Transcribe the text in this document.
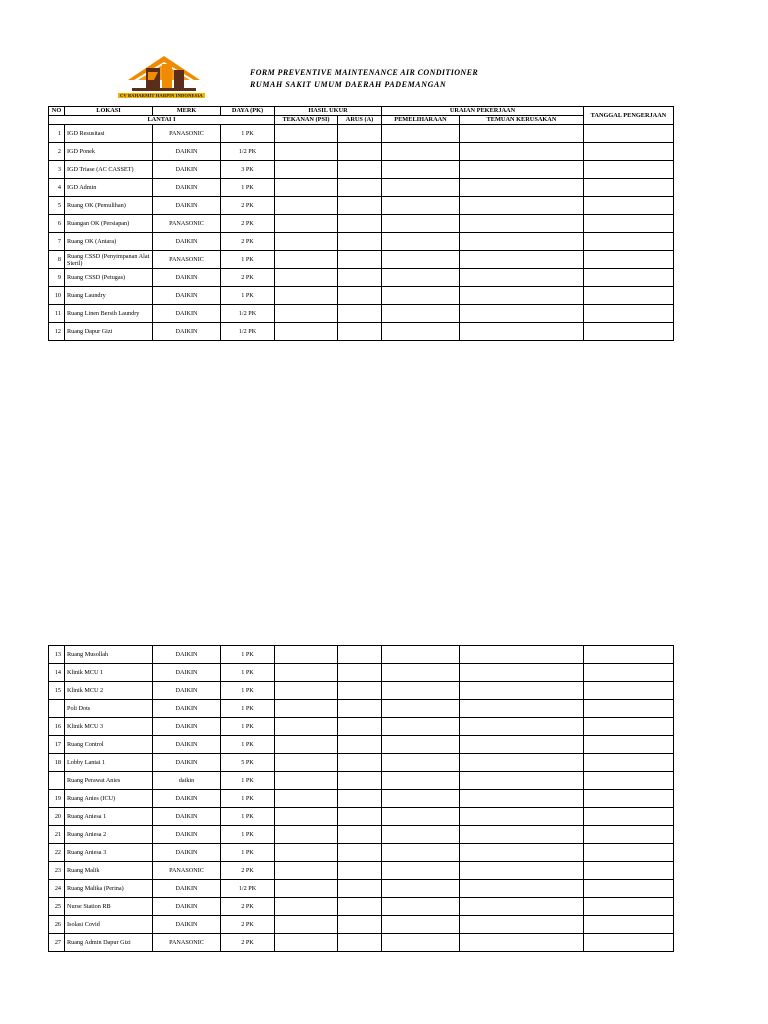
CV BAHARMIT HARPIN INDONESIA
FORM PREVENTIVE MAINTENANCE AIR CONDITIONER
RUMAH SAKIT UMUM DAERAH PADEMANGAN
NO	LOKASI	MERK	DAYA (PK)	HASIL UKUR		URAIAN PEKERJAAN		TANGGAL PENGERJAAN
LANTAI I				TEKANAN (PSI)	ARUS (A)	PEMELIHARAAN	TEMUAN KERUSAKAN	
1	IGD Resusitasi	PANASONIC	1 PK					
2	IGD Ponek	DAIKIN	1/2 PK					
3	IGD Triase (AC CASSET)	DAIKIN	3 PK					
4	IGD Admin	DAIKIN	1 PK					
5	Ruang OK (Pemulihan)	DAIKIN	2 PK					
6	Ruangan OK (Persiapan)	PANASONIC	2 PK					
7	Ruang OK (Antara)	DAIKIN	2 PK					
8	Ruang CSSD (Penyimpanan Alat Steril)	PANASONIC	1 PK					
9	Ruang CSSD (Petugas)	DAIKIN	2 PK					
10	Ruang Laundry	DAIKIN	1 PK					
11	Ruang Linen Bersih Laundry	DAIKIN	1/2 PK					
12	Ruang Dapur Gizi	DAIKIN	1/2 PK					
13	Ruang Musollah	DAIKIN	1 PK					
14	Klinik MCU 1	DAIKIN	1 PK					
15	Klinik MCU 2	DAIKIN	1 PK					
	Poli Dots	DAIKIN	1 PK					
16	Klinik MCU 3	DAIKIN	1 PK					
17	Ruang Control	DAIKIN	1 PK					
18	Lobby Lantai 1	DAIKIN	5 PK					
	Ruang Perawat Anies	daikin	1 PK					
19	Ruang Anies (ICU)	DAIKIN	1 PK					
20	Ruang Aniesa 1	DAIKIN	1 PK					
21	Ruang Aniesa 2	DAIKIN	1 PK					
22	Ruang Aniesa 3	DAIKIN	1 PK					
23	Ruang Malik	PANASONIC	2 PK					
24	Ruang Malika (Perina)	DAIKIN	1/2 PK					
25	Nurse Station RB	DAIKIN	2 PK					
26	Isolasi Covid	DAIKIN	2 PK					
27	Ruang Admin Dapur Gizi	PANASONIC	2 PK					
